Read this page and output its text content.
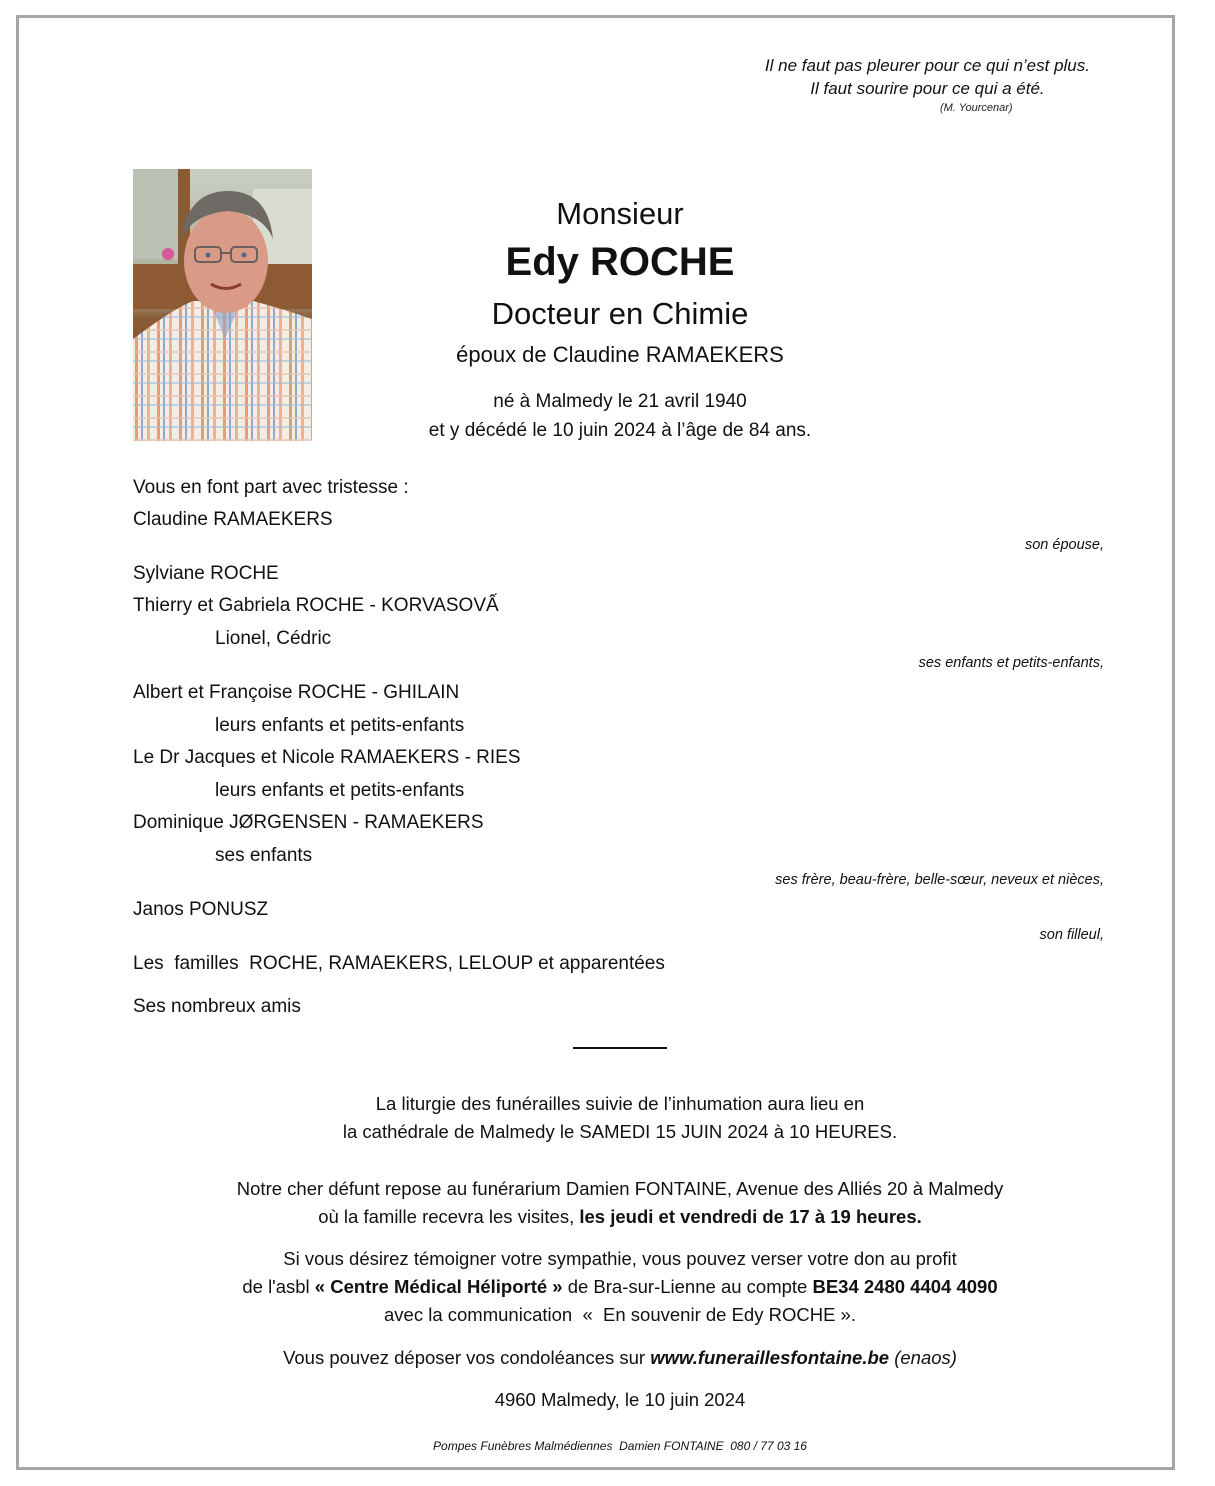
Il ne faut pas pleurer pour ce qui n’est plus.
Il faut sourire pour ce qui a été.
(M. Yourcenar)
Monsieur
Edy ROCHE
Docteur en Chimie
époux de Claudine RAMAEKERS
né à Malmedy le 21 avril 1940
et y décédé le 10 juin 2024 à l’âge de 84 ans.
Vous en font part avec tristesse :
Claudine RAMAEKERS
son épouse,
Sylviane ROCHE
Thierry et Gabriela ROCHE - KORVASOVẤ
Lionel, Cédric
ses enfants et petits-enfants,
Albert et Françoise ROCHE - GHILAIN
leurs enfants et petits-enfants
Le Dr Jacques et Nicole RAMAEKERS - RIES
leurs enfants et petits-enfants
Dominique JØRGENSEN - RAMAEKERS
ses enfants
ses frère, beau-frère, belle-sœur, neveux et nièces,
Janos PONUSZ
son filleul,
Les  familles  ROCHE, RAMAEKERS, LELOUP et apparentées
Ses nombreux amis
La liturgie des funérailles suivie de l’inhumation aura lieu en
la cathédrale de Malmedy le SAMEDI 15 JUIN 2024 à 10 HEURES.
Notre cher défunt repose au funérarium Damien FONTAINE, Avenue des Alliés 20 à Malmedy
où la famille recevra les visites, les jeudi et vendredi de 17 à 19 heures.
Si vous désirez témoigner votre sympathie, vous pouvez verser votre don au profit
de l'asbl « Centre Médical Héliporté » de Bra-sur-Lienne au compte BE34 2480 4404 4090
avec la communication  «  En souvenir de Edy ROCHE ».
Vous pouvez déposer vos condoléances sur www.funeraillesfontaine.be (enaos)
4960 Malmedy, le 10 juin 2024
Pompes Funèbres Malmédiennes  Damien FONTAINE  080 / 77 03 16
